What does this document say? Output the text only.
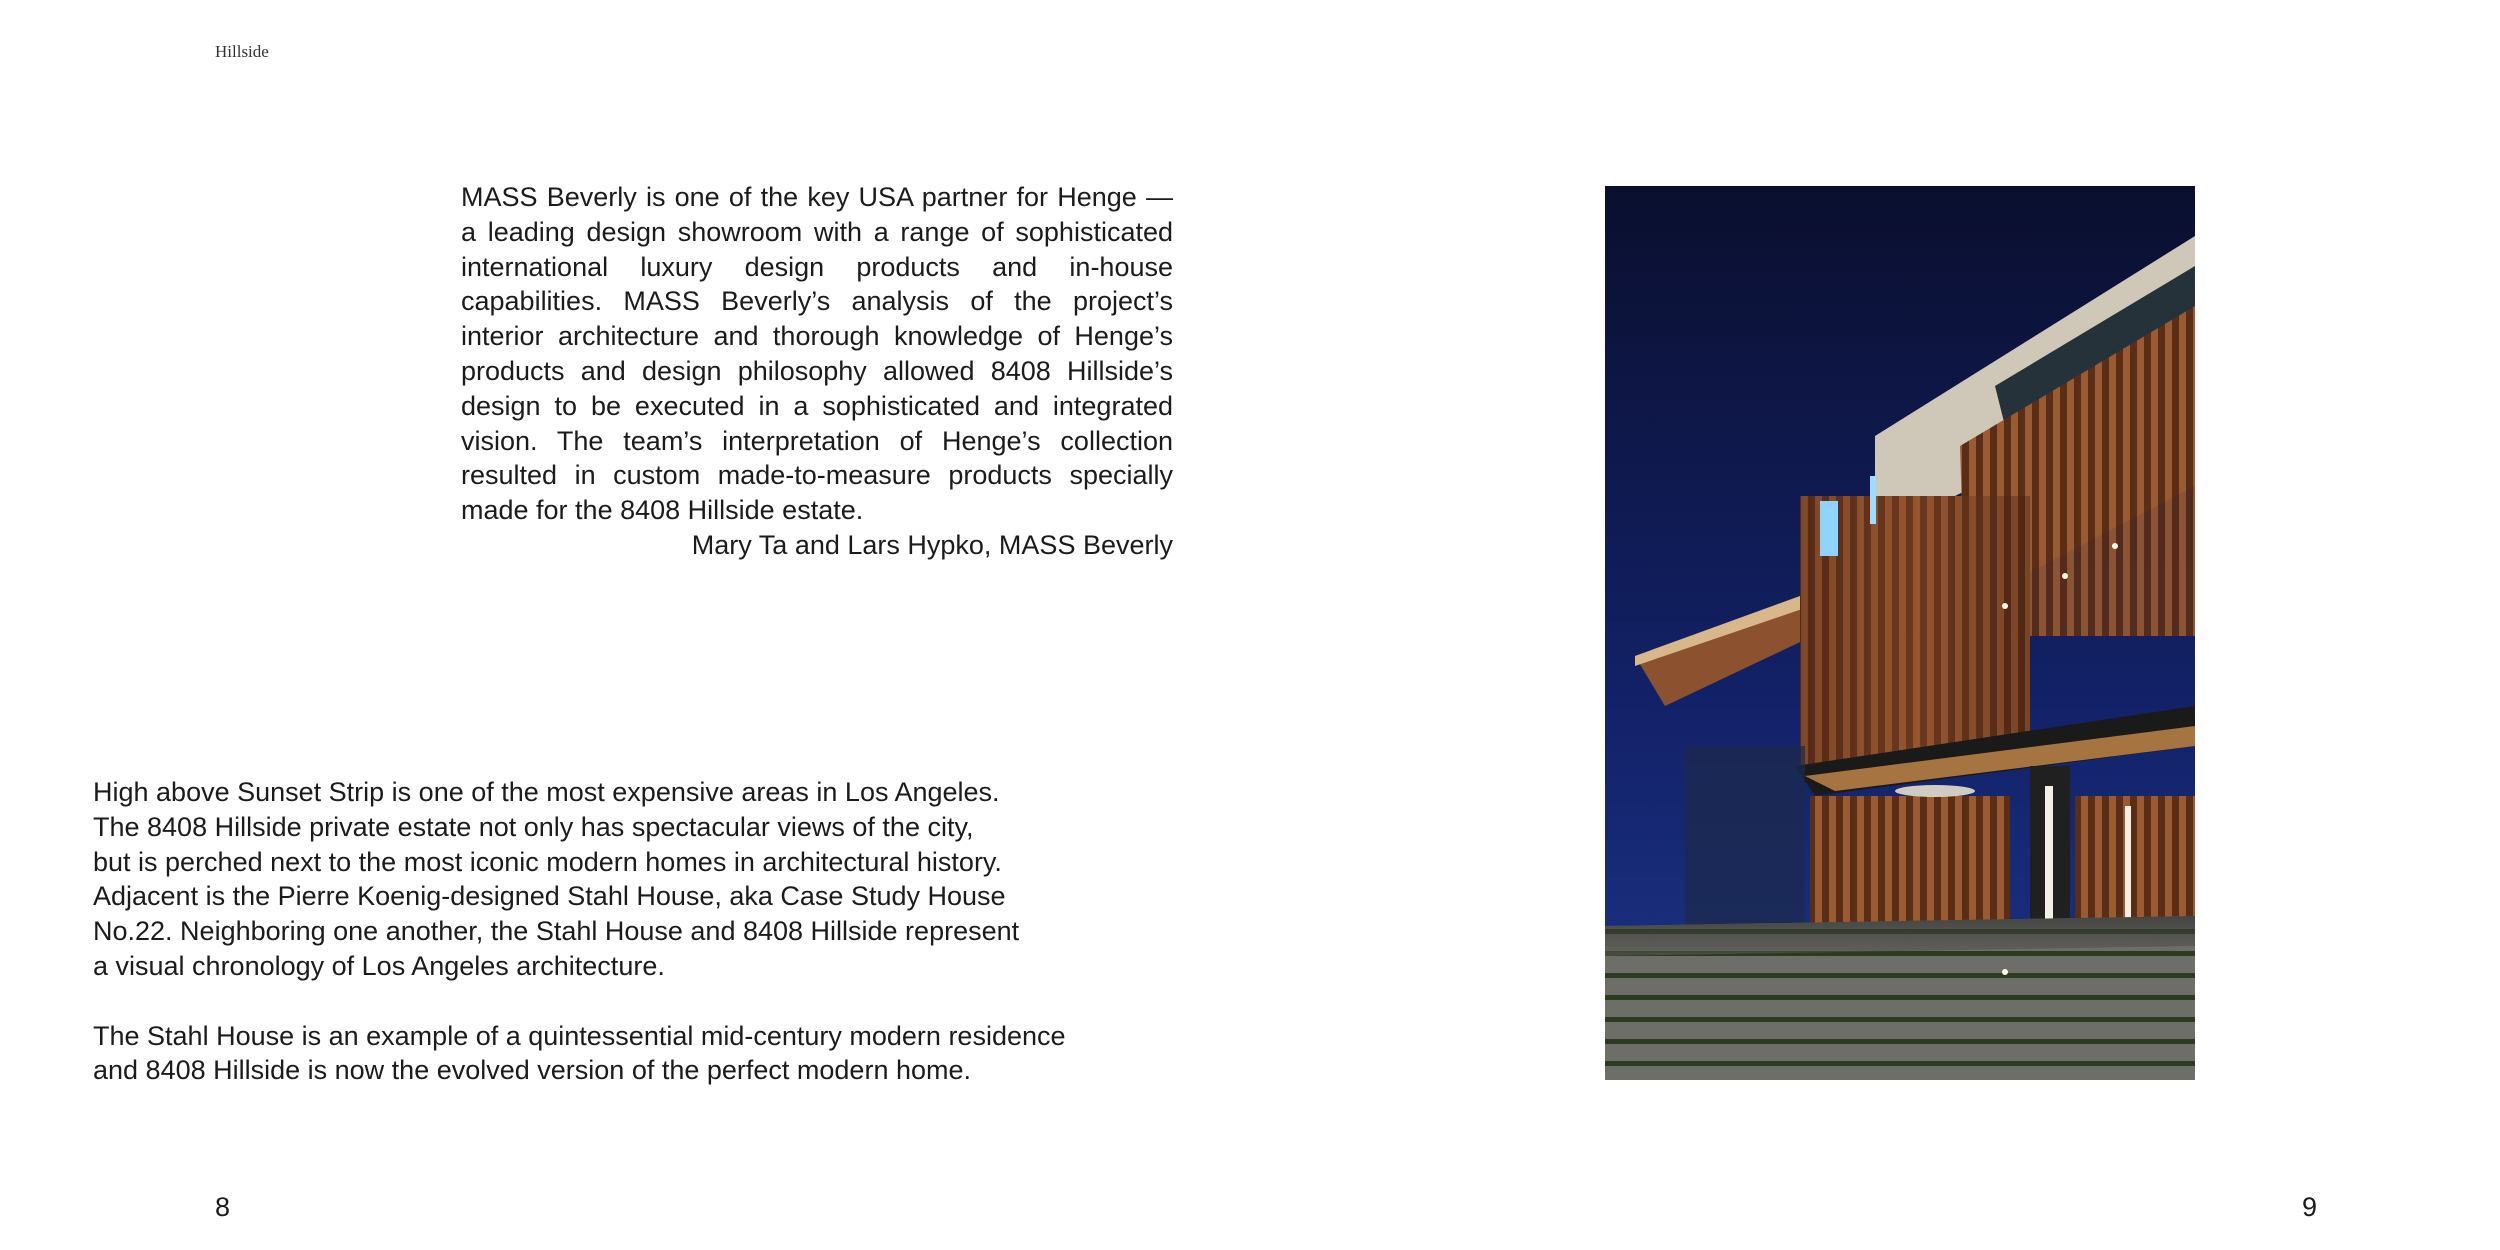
Hillside

MASS Beverly is one of the key USA partner for Henge — a leading design showroom with a range of sophisticated international luxury design products and in-house capabilities. MASS Beverly’s analysis of the project’s interior architecture and thorough knowledge of Henge’s products and design philosophy allowed 8408 Hillside’s design to be executed in a sophisticated and integrated vision. The team’s interpretation of Henge’s collection resulted in custom made-to-measure products specially made for the 8408 Hillside estate.

Mary Ta and Lars Hypko, MASS Beverly

High above Sunset Strip is one of the most expensive areas in Los Angeles.
The 8408 Hillside private estate not only has spectacular views of the city,
but is perched next to the most iconic modern homes in architectural history.
Adjacent is the Pierre Koenig-designed Stahl House, aka Case Study House
No.22. Neighboring one another, the Stahl House and 8408 Hillside represent
a visual chronology of Los Angeles architecture.

The Stahl House is an example of a quintessential mid-century modern residence
and 8408 Hillside is now the evolved version of the perfect modern home.

8	9
